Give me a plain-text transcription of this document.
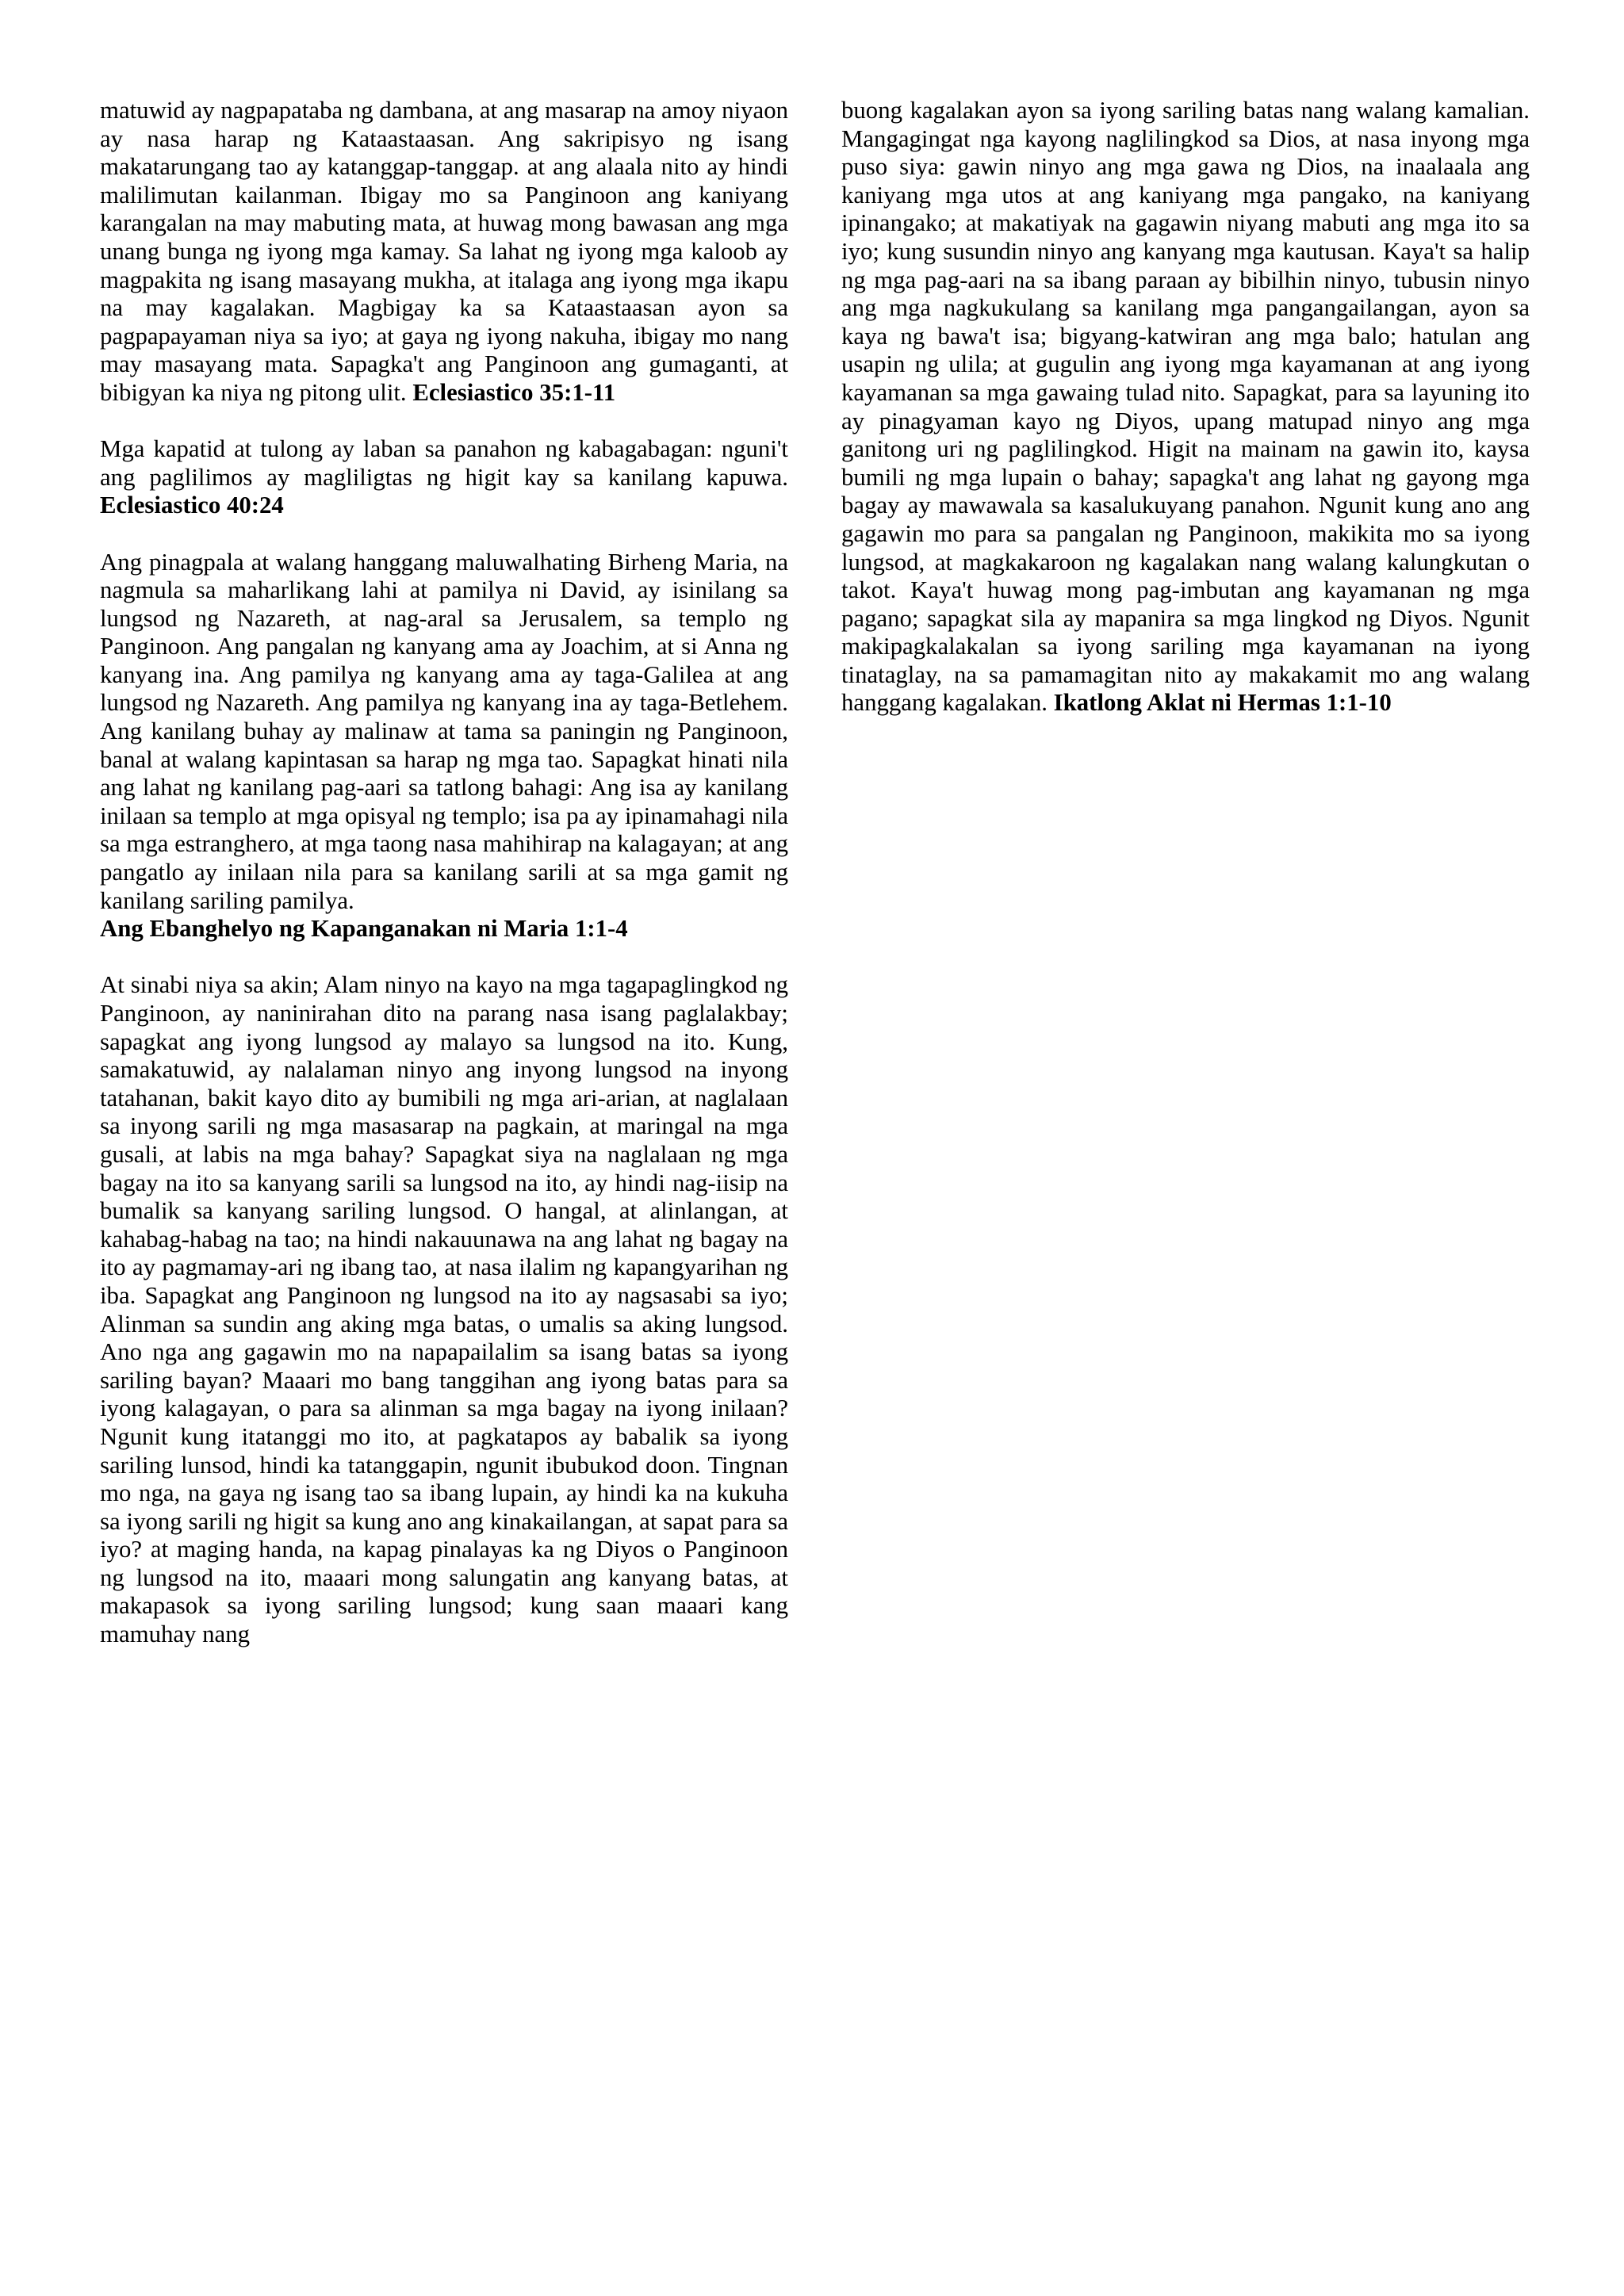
matuwid ay nagpapataba ng dambana, at ang masarap na amoy niyaon ay nasa harap ng Kataastaasan. Ang sakripisyo ng isang makatarungang tao ay katanggap-tanggap. at ang alaala nito ay hindi malilimutan kailanman. Ibigay mo sa Panginoon ang kaniyang karangalan na may mabuting mata, at huwag mong bawasan ang mga unang bunga ng iyong mga kamay. Sa lahat ng iyong mga kaloob ay magpakita ng isang masayang mukha, at italaga ang iyong mga ikapu na may kagalakan. Magbigay ka sa Kataastaasan ayon sa pagpapayaman niya sa iyo; at gaya ng iyong nakuha, ibigay mo nang may masayang mata. Sapagka't ang Panginoon ang gumaganti, at bibigyan ka niya ng pitong ulit. Eclesiastico 35:1-11

Mga kapatid at tulong ay laban sa panahon ng kabagabagan: nguni't ang paglilimos ay magliligtas ng higit kay sa kanilang kapuwa. Eclesiastico 40:24

Ang pinagpala at walang hanggang maluwalhating Birheng Maria, na nagmula sa maharlikang lahi at pamilya ni David, ay isinilang sa lungsod ng Nazareth, at nag-aral sa Jerusalem, sa templo ng Panginoon. Ang pangalan ng kanyang ama ay Joachim, at si Anna ng kanyang ina. Ang pamilya ng kanyang ama ay taga-Galilea at ang lungsod ng Nazareth. Ang pamilya ng kanyang ina ay taga-Betlehem. Ang kanilang buhay ay malinaw at tama sa paningin ng Panginoon, banal at walang kapintasan sa harap ng mga tao. Sapagkat hinati nila ang lahat ng kanilang pag-aari sa tatlong bahagi: Ang isa ay kanilang inilaan sa templo at mga opisyal ng templo; isa pa ay ipinamahagi nila sa mga estranghero, at mga taong nasa mahihirap na kalagayan; at ang pangatlo ay inilaan nila para sa kanilang sarili at sa mga gamit ng kanilang sariling pamilya.

Ang Ebanghelyo ng Kapanganakan ni Maria 1:1-4

At sinabi niya sa akin; Alam ninyo na kayo na mga tagapaglingkod ng Panginoon, ay naninirahan dito na parang nasa isang paglalakbay; sapagkat ang iyong lungsod ay malayo sa lungsod na ito. Kung, samakatuwid, ay nalalaman ninyo ang inyong lungsod na inyong tatahanan, bakit kayo dito ay bumibili ng mga ari-arian, at naglalaan sa inyong sarili ng mga masasarap na pagkain, at maringal na mga gusali, at labis na mga bahay? Sapagkat siya na naglalaan ng mga bagay na ito sa kanyang sarili sa lungsod na ito, ay hindi nag-iisip na bumalik sa kanyang sariling lungsod. O hangal, at alinlangan, at kahabag-habag na tao; na hindi nakauunawa na ang lahat ng bagay na ito ay pagmamay-ari ng ibang tao, at nasa ilalim ng kapangyarihan ng iba. Sapagkat ang Panginoon ng lungsod na ito ay nagsasabi sa iyo; Alinman sa sundin ang aking mga batas, o umalis sa aking lungsod. Ano nga ang gagawin mo na napapailalim sa isang batas sa iyong sariling bayan? Maaari mo bang tanggihan ang iyong batas para sa iyong kalagayan, o para sa alinman sa mga bagay na iyong inilaan? Ngunit kung itatanggi mo ito, at pagkatapos ay babalik sa iyong sariling lunsod, hindi ka tatanggapin, ngunit ibubukod doon. Tingnan mo nga, na gaya ng isang tao sa ibang lupain, ay hindi ka na kukuha sa iyong sarili ng higit sa kung ano ang kinakailangan, at sapat para sa iyo? at maging handa, na kapag pinalayas ka ng Diyos o Panginoon ng lungsod na ito, maaari mong salungatin ang kanyang batas, at makapasok sa iyong sariling lungsod; kung saan maaari kang mamuhay nang

buong kagalakan ayon sa iyong sariling batas nang walang kamalian. Mangagingat nga kayong naglilingkod sa Dios, at nasa inyong mga puso siya: gawin ninyo ang mga gawa ng Dios, na inaalaala ang kaniyang mga utos at ang kaniyang mga pangako, na kaniyang ipinangako; at makatiyak na gagawin niyang mabuti ang mga ito sa iyo; kung susundin ninyo ang kanyang mga kautusan. Kaya't sa halip ng mga pag-aari na sa ibang paraan ay bibilhin ninyo, tubusin ninyo ang mga nagkukulang sa kanilang mga pangangailangan, ayon sa kaya ng bawa't isa; bigyang-katwiran ang mga balo; hatulan ang usapin ng ulila; at gugulin ang iyong mga kayamanan at ang iyong kayamanan sa mga gawaing tulad nito. Sapagkat, para sa layuning ito ay pinagyaman kayo ng Diyos, upang matupad ninyo ang mga ganitong uri ng paglilingkod. Higit na mainam na gawin ito, kaysa bumili ng mga lupain o bahay; sapagka't ang lahat ng gayong mga bagay ay mawawala sa kasalukuyang panahon. Ngunit kung ano ang gagawin mo para sa pangalan ng Panginoon, makikita mo sa iyong lungsod, at magkakaroon ng kagalakan nang walang kalungkutan o takot. Kaya't huwag mong pag-imbutan ang kayamanan ng mga pagano; sapagkat sila ay mapanira sa mga lingkod ng Diyos. Ngunit makipagkalakalan sa iyong sariling mga kayamanan na iyong tinataglay, na sa pamamagitan nito ay makakamit mo ang walang hanggang kagalakan. Ikatlong Aklat ni Hermas 1:1-10
